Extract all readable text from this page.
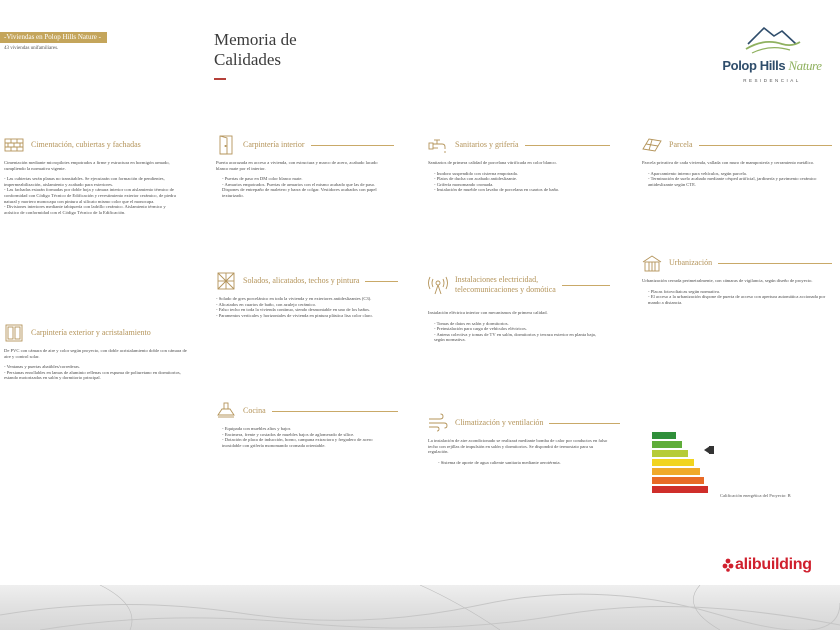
-Viviendas en Polop Hills Nature -
43 viviendas unifamiliares.	Memoria de
Calidades	Polop Hills Nature
RESIDENCIAL
Cimentación, cubiertas y fachadas

Cimentación mediante micropilotes empotrados a firme y estructura en hormigón armado, cumpliendo la normativa vigente.

- Las cubiertas serán planas no transitables. Se ejecutarán con formación de pendientes, impermeabilización, aislamiento y acabado para exteriores.
- Las fachadas estarán formadas por doble hoja y cámara interior con aislamiento térmico de conformidad con Código Técnico de Edificación y revestimiento exterior cerámico, de piedra natural y mortero monocapa con pintura al silicato mismo color que el monocapa.
- Divisiones interiores mediante tabiquería con ladrillo cerámico. Aislamiento térmico y acústico de conformidad con el Código Técnico de la Edificación.
Carpintería exterior y acristalamiento

De PVC con cámara de aire y color según proyecto, con doble acristalamiento doble con cámara de aire y control solar.

- Ventanas y puertas abatibles/correderas.
- Persianas enrollables en lamas de aluminio rellenas con espuma de poliuretano en dormitorios, estando motorizadas en salón y dormitorio principal.
Carpintería interior

Puerta acorazada en acceso a vivienda, con estructura y marco de acero, acabado lacado blanco mate por el interior.

- Puertas de paso en DM color blanco mate.
- Armarios empotrados. Puertas de armarios con el mismo acabado que las de paso. Dispones de entrepaño de maletero y barra de colgar. Vestidores acabados con papel texturizado.
Solados, alicatados, techos y pintura
- Solado de gres porcelánico en toda la vivienda y en exteriores antideslizantes (C3).
- Alicatados en cuartos de baño, con azulejo cerámico.
- Falso techo en toda la vivienda continuo, siendo desmontable en uno de los baños.
- Paramentos verticales y horizontales de vivienda en pintura plástica lisa color claro.
Cocina
- Equipada con muebles altos y bajos
- Encimera, frente y costados de muebles bajos de aglomerado de sílice.
- Dotación de placa de inducción, horno, campana extractora y fregadero de acero inoxidable con grifería monomando cromada orientable.
Sanitarios y grifería

Sanitarios de primera calidad de porcelana vitrificada en color blanco.

- Inodoro suspendido con cisterna empotrada.
- Platos de ducha con acabado antideslizante.
- Grifería monomando cromada.
- Instalación de mueble con lavabo de porcelana en cuartos de baño.
Instalaciones electricidad,
telecomunicaciones y domótica

Instalación eléctrica interior con mecanismos de primera calidad.

- Tomas de datos en salón y dormitorios.
- Preinstalación para carga de vehículos eléctricos.
- Antena colectiva y tomas de TV en salón, dormitorios y terraza exterior en planta baja, según normativa.
Climatización y ventilación

La instalación de aire acondicionado se realizará mediante bomba de calor por conductos en falso techo con rejillas de impulsión en salón y dormitorios. Se dispondrá de termostato para su regulación.

- Sistema de aporte de agua caliente sanitaria mediante aerotérmia.
Parcela

Parcela privativa de cada vivienda, vallada con muro de mampostería y cerramiento metálico.

- Aparcamiento interno para vehículos, según parcela.
- Terminación de suelo acabado mediante césped artificial, jardinería y pavimento cerámico antideslizante según CTE.
Urbanización

Urbanización cerrada perimetralmente, con cámaras de vigilancia, según diseño de proyecto.

- Placas fotovoltaicas según normativa.
- El acceso a la urbanización dispone de puerta de acceso con apertura automática accionada por mando a distancia.
Calificación energética del Proyecto: B
alibuilding
